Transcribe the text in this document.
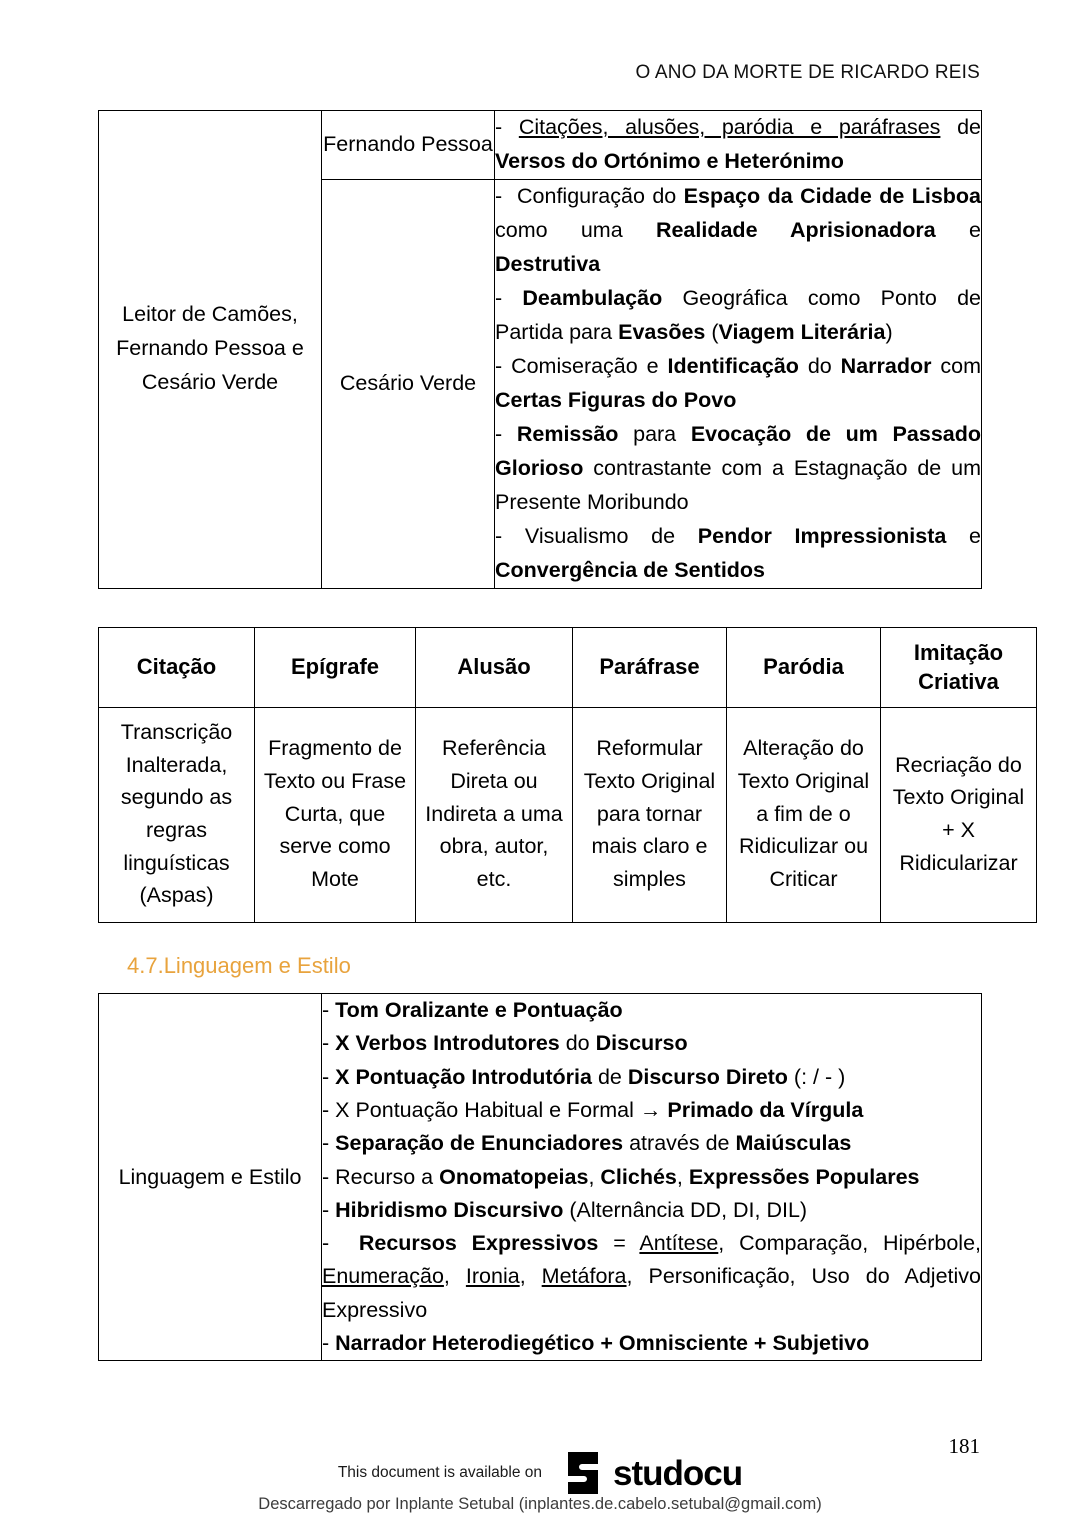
O ANO DA MORTE DE RICARDO REIS
Leitor de Camões, Fernando Pessoa e Cesário Verde	Fernando Pessoa	- Citações, alusões, paródia e paráfrases de Versos do Ortónimo e Heterónimo

	Cesário Verde	-  Configuração do Espaço da Cidade de Lisboa como uma Realidade Aprisionadora e Destrutiva

- Deambulação Geográfica como Ponto de Partida para Evasões (Viagem Literária)

- Comiseração e Identificação do Narrador com Certas Figuras do Povo

- Remissão para Evocação de um Passado Glorioso contrastante com a Estagnação de um Presente Moribundo

- Visualismo de Pendor Impressionista e Convergência de Sentidos

Citação	Epígrafe	Alusão	Paráfrase	Paródia	Imitação Criativa
Transcrição Inalterada, segundo as regras linguísticas (Aspas)	Fragmento de Texto ou Frase Curta, que serve como Mote	Referência Direta ou Indireta a uma obra, autor, etc.	Reformular Texto Original para tornar mais claro e simples	Alteração do Texto Original a fim de o Ridiculizar ou Criticar	Recriação do Texto Original + X Ridicularizar
4.7.Linguagem e Estilo
Linguagem e Estilo	

- Tom Oralizante e Pontuação

- X Verbos Introdutores do Discurso

- X Pontuação Introdutória de Discurso Direto (: / - )

- X Pontuação Habitual e Formal → Primado da Vírgula

- Separação de Enunciadores através de Maiúsculas

- Recurso a Onomatopeias, Clichés, Expressões Populares

- Hibridismo Discursivo (Alternância DD, DI, DIL)

-  Recursos Expressivos = Antítese, Comparação, Hipérbole, Enumeração, Ironia, Metáfora, Personificação, Uso do Adjetivo Expressivo

- Narrador Heterodiegético + Omnisciente + Subjetivo

181
This document is available on studocu
Descarregado por Inplante Setubal (inplantes.de.cabelo.setubal@gmail.com)
